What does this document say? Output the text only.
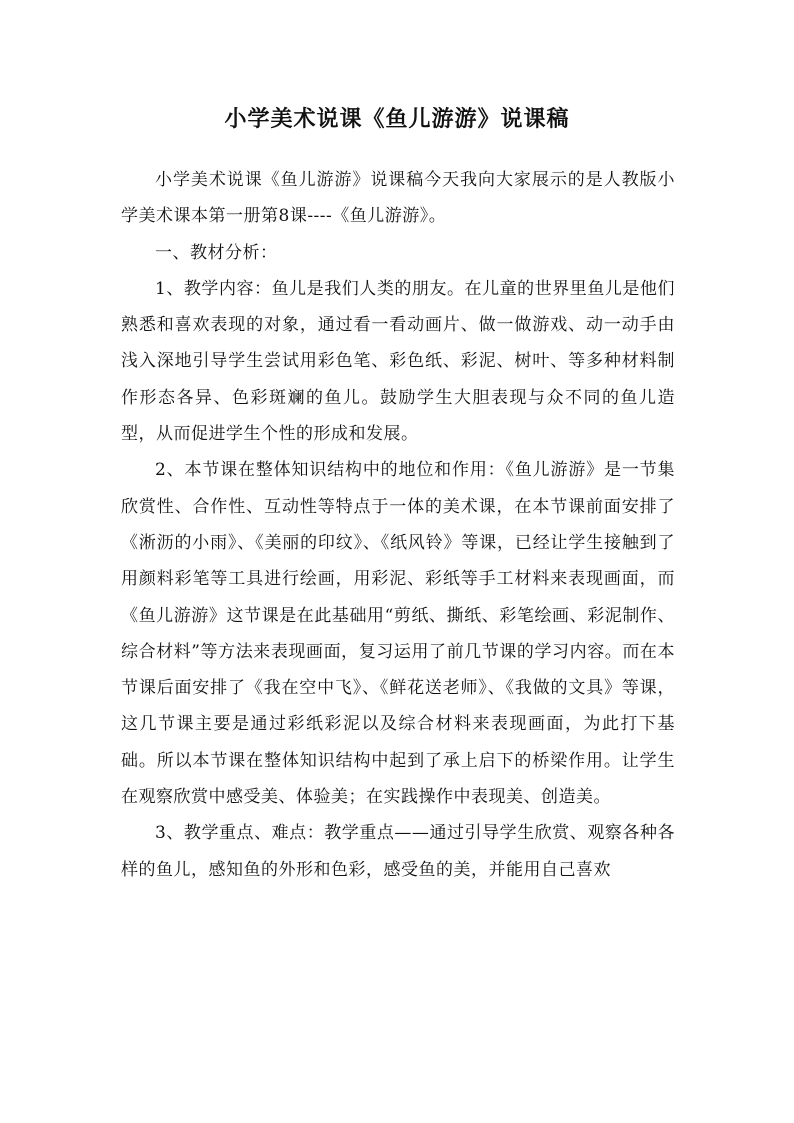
小学美术说课《鱼儿游游》说课稿

小学美术说课《鱼儿游游》说课稿今天我向大家展示的是人教版小学美术课本第一册第8课----《鱼儿游游》。

一、教材分析：

1、教学内容：鱼儿是我们人类的朋友。在儿童的世界里鱼儿是他们熟悉和喜欢表现的对象，通过看一看动画片、做一做游戏、动一动手由浅入深地引导学生尝试用彩色笔、彩色纸、彩泥、树叶、等多种材料制作形态各异、色彩斑斓的鱼儿。鼓励学生大胆表现与众不同的鱼儿造型，从而促进学生个性的形成和发展。

2、本节课在整体知识结构中的地位和作用：《鱼儿游游》是一节集欣赏性、合作性、互动性等特点于一体的美术课，在本节课前面安排了《淅沥的小雨》、《美丽的印纹》、《纸风铃》等课，已经让学生接触到了用颜料彩笔等工具进行绘画，用彩泥、彩纸等手工材料来表现画面，而《鱼儿游游》这节课是在此基础用“剪纸、撕纸、彩笔绘画、彩泥制作、综合材料”等方法来表现画面，复习运用了前几节课的学习内容。而在本节课后面安排了《我在空中飞》、《鲜花送老师》、《我做的文具》等课，这几节课主要是通过彩纸彩泥以及综合材料来表现画面，为此打下基础。所以本节课在整体知识结构中起到了承上启下的桥梁作用。让学生在观察欣赏中感受美、体验美；在实践操作中表现美、创造美。

3、教学重点、难点：教学重点——通过引导学生欣赏、观察各种各样的鱼儿，感知鱼的外形和色彩，感受鱼的美，并能用自己喜欢
